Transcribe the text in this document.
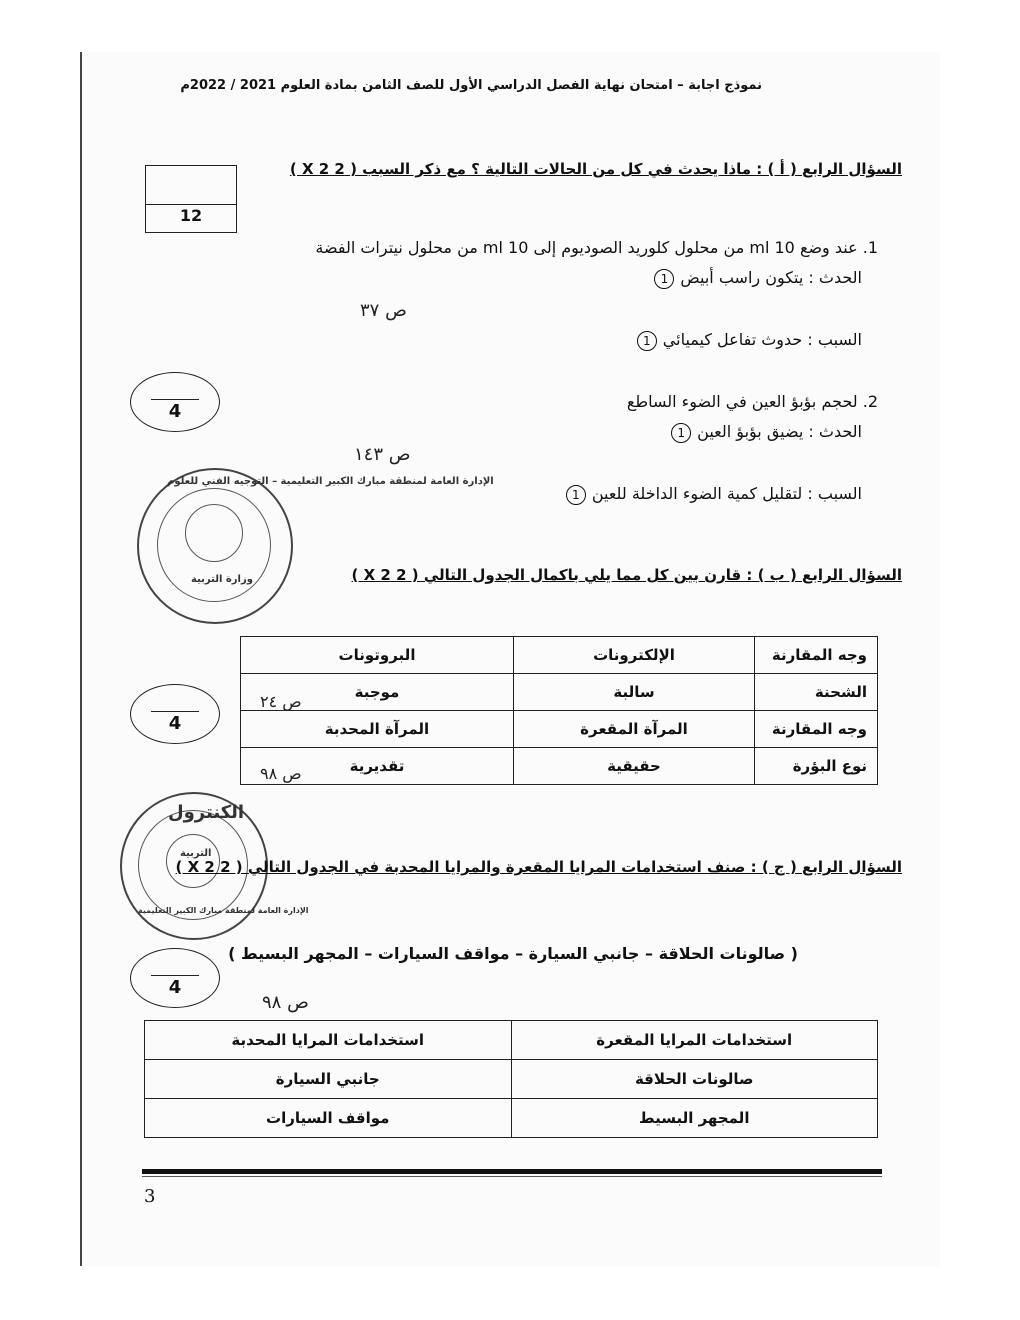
نموذج اجابة – امتحان نهاية الفصل الدراسي الأول للصف الثامن بمادة العلوم 2021 / 2022م
السؤال الرابع ( أ ) : ماذا يحدث في كل من الحالات التالية ؟ مع ذكر السبب ( 2 X 2 )
12
1. عند وضع 10 ml من محلول كلوريد الصوديوم إلى 10 ml من محلول نيترات الفضة
الحدث : يتكون راسب أبيض1
ص ٣٧
السبب : حدوث تفاعل كيميائي1
4	2. لحجم بؤبؤ العين في الضوء الساطع
الحدث : يضيق بؤبؤ العين1
ص ١٤٣
السبب : لتقليل كمية الضوء الداخلة للعين1
الإدارة العامة لمنطقة مبارك الكبير التعليمية – التوجيه الفني للعلوم
وزارة التربية	السؤال الرابع ( ب ) : قارن بين كل مما يلي باكمال الجدول التالي ( 2 X 2 )
وجه المقارنة	الإلكترونات	البروتونات
الشحنة	سالبة	موجبة
وجه المقارنة	المرآة المقعرة	المرآة المحدبة
نوع البؤرة	حقيقية	تقديرية
ص ٢٤
ص ٩٨
4
الكنترول
الإدارة العامة لمنطقة مبارك الكبير التعليمية
التربية
السؤال الرابع ( ج ) : صنف استخدامات المرايا المقعرة والمرايا المحدبة في الجدول التالي ( 2 X 2 )
( صالونات الحلاقة – جانبي السيارة – مواقف السيارات – المجهر البسيط )
4
ص ٩٨
استخدامات المرايا المقعرة	استخدامات المرايا المحدبة
صالونات الحلاقة	جانبي السيارة
المجهر البسيط	مواقف السيارات
3
